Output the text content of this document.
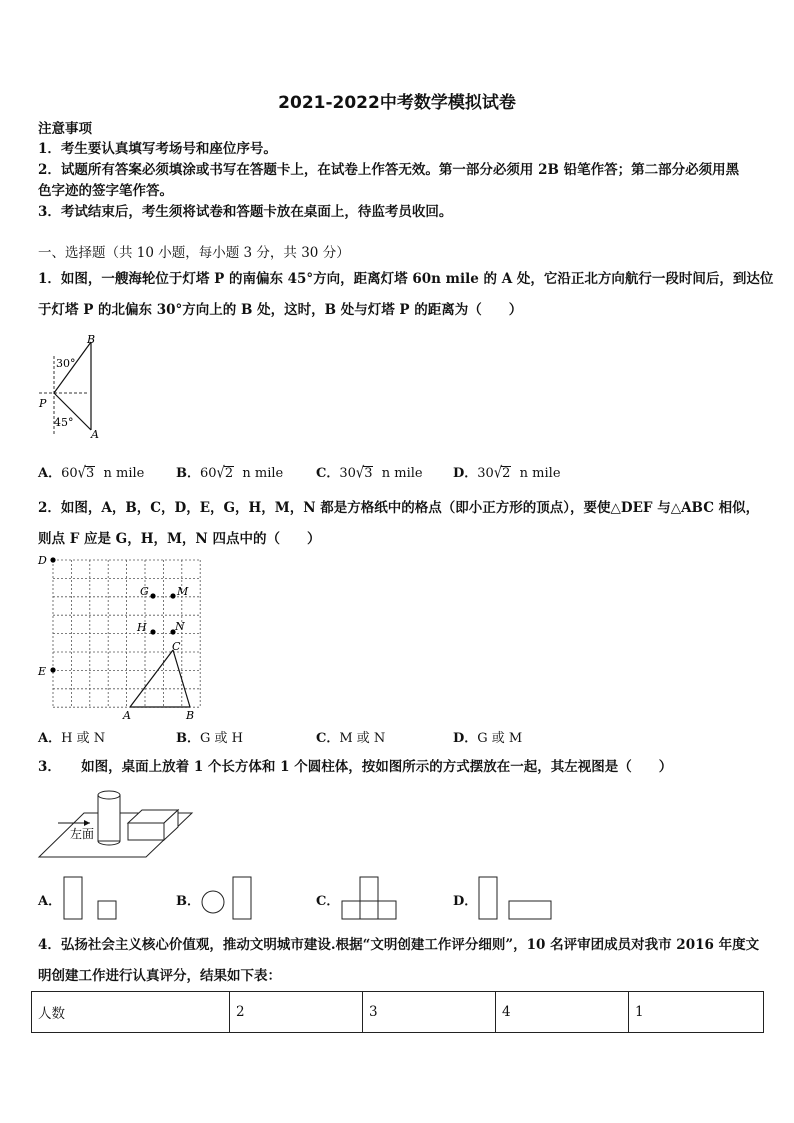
2021-2022中考数学模拟试卷
注意事项
1．考生要认真填写考场号和座位序号。
2．试题所有答案必须填涂或书写在答题卡上，在试卷上作答无效。第一部分必须用 2B 铅笔作答；第二部分必须用黑
色字迹的签字笔作答。
3．考试结束后，考生须将试卷和答题卡放在桌面上，待监考员收回。
一、选择题（共 10 小题，每小题 3 分，共 30 分）
1．如图，一艘海轮位于灯塔 P 的南偏东 45°方向，距离灯塔 60n mile 的 A 处，它沿正北方向航行一段时间后，到达位
于灯塔 P 的北偏东 30°方向上的 B 处，这时，B 处与灯塔 P 的距离为（　　）
B
P
A
30°
45°
A．60√3 n mile B．60√2 n mile	C．30√3 n mile D．30√2 n mile
2．如图，A，B，C，D，E，G，H，M，N 都是方格纸中的格点（即小正方形的顶点），要使△DEF 与△ABC 相似，
则点 F 应是 G，H，M，N 四点中的（　　）
D
E
G	M
H	N
C
A	B
A．H 或 N	B．G 或 H	C．M 或 N	D．G 或 M
3．　　如图，桌面上放着 1 个长方体和 1 个圆柱体，按如图所示的方式摆放在一起，其左视图是（　　）
左面
A．	B．	C．	D．
4．弘扬社会主义核心价值观，推动文明城市建设.根据“文明创建工作评分细则”，10 名评审团成员对我市 2016 年度文
明创建工作进行认真评分，结果如下表：
人数	2	3	4	1
